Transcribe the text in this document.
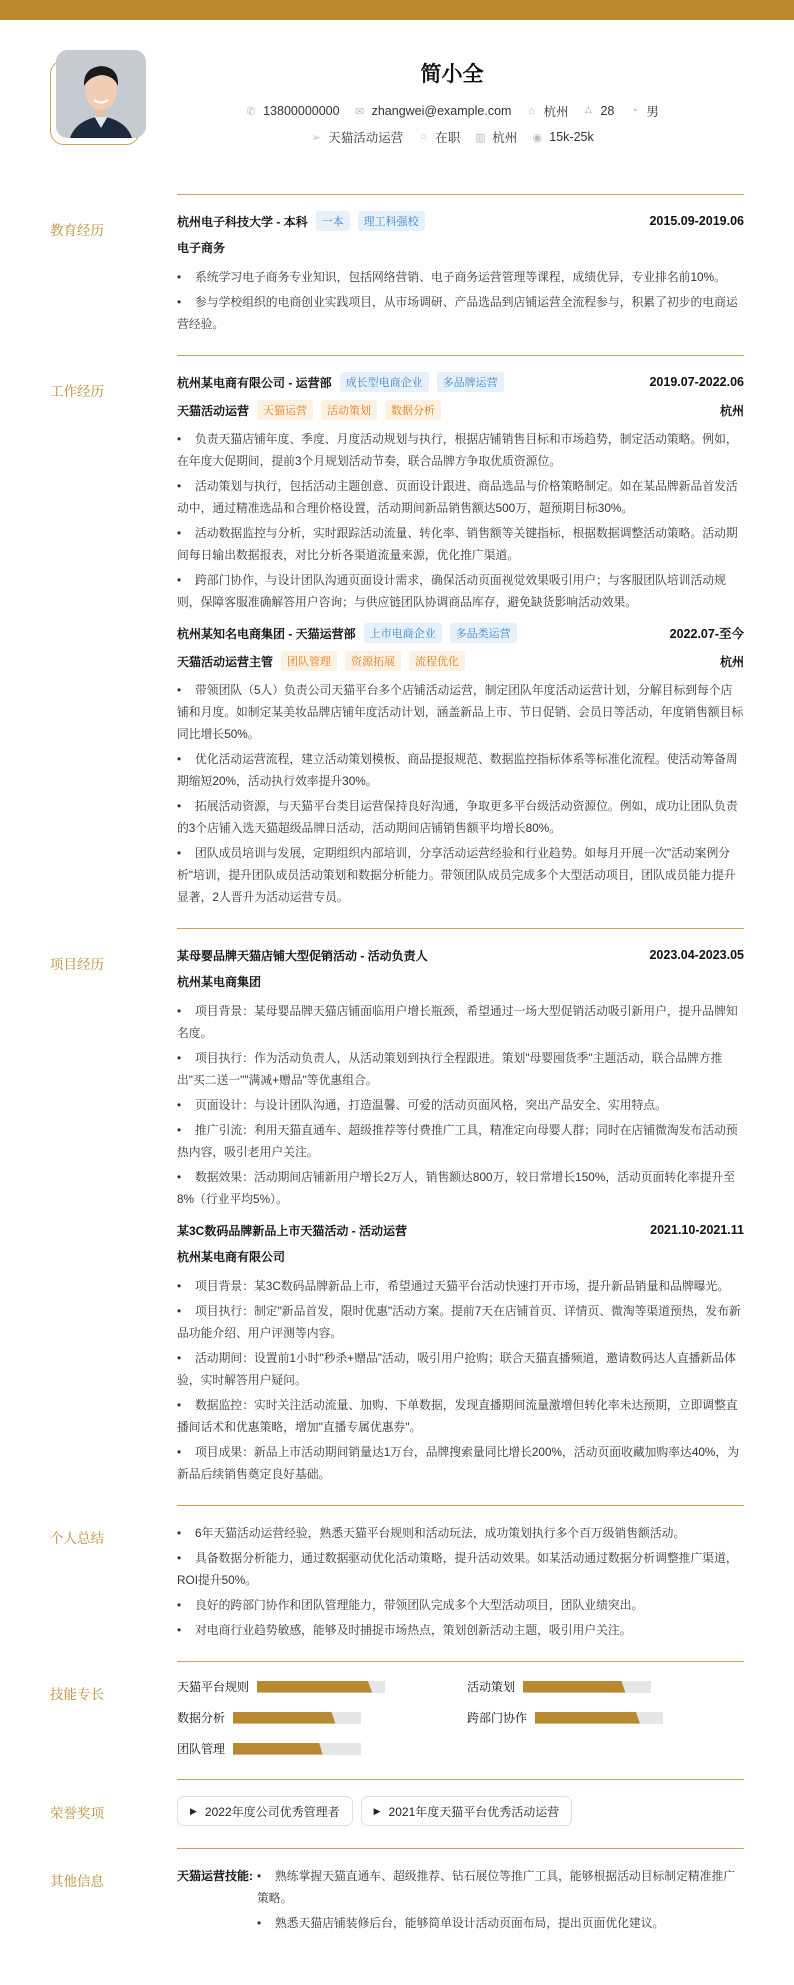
简小全
✆ 13800000000 ✉ zhangwei@example.com ⌂ 杭州 ⛼ 28 ◔ 男
➢ 天猫活动运营 ○ 在职 ▥ 杭州 ◉ 15k-25k
教育经历
杭州电子科技大学 - 本科	一本	理工科强校	2015.09-2019.06
电子商务
• 系统学习电子商务专业知识，包括网络营销、电子商务运营管理等课程，成绩优异，专业排名前10%。
• 参与学校组织的电商创业实践项目，从市场调研、产品选品到店铺运营全流程参与，积累了初步的电商运营经验。
工作经历
杭州某电商有限公司 - 运营部	成长型电商企业	多品牌运营	2019.07-2022.06
天猫活动运营	天猫运营	活动策划	数据分析	杭州
• 负责天猫店铺年度、季度、月度活动规划与执行，根据店铺销售目标和市场趋势，制定活动策略。例如，在年度大促期间，提前3个月规划活动节奏，联合品牌方争取优质资源位。
• 活动策划与执行，包括活动主题创意、页面设计跟进、商品选品与价格策略制定。如在某品牌新品首发活动中，通过精准选品和合理价格设置，活动期间新品销售额达500万，超预期目标30%。
• 活动数据监控与分析，实时跟踪活动流量、转化率、销售额等关键指标，根据数据调整活动策略。活动期间每日输出数据报表，对比分析各渠道流量来源，优化推广渠道。
• 跨部门协作，与设计团队沟通页面设计需求，确保活动页面视觉效果吸引用户；与客服团队培训活动规则，保障客服准确解答用户咨询；与供应链团队协调商品库存，避免缺货影响活动效果。
杭州某知名电商集团 - 天猫运营部	上市电商企业	多品类运营	2022.07-至今
天猫活动运营主管	团队管理	资源拓展	流程优化	杭州
• 带领团队（5人）负责公司天猫平台多个店铺活动运营，制定团队年度活动运营计划，分解目标到每个店铺和月度。如制定某美妆品牌店铺年度活动计划，涵盖新品上市、节日促销、会员日等活动，年度销售额目标同比增长50%。
• 优化活动运营流程，建立活动策划模板、商品提报规范、数据监控指标体系等标准化流程。使活动筹备周期缩短20%，活动执行效率提升30%。
• 拓展活动资源，与天猫平台类目运营保持良好沟通，争取更多平台级活动资源位。例如，成功让团队负责的3个店铺入选天猫超级品牌日活动，活动期间店铺销售额平均增长80%。
• 团队成员培训与发展，定期组织内部培训，分享活动运营经验和行业趋势。如每月开展一次"活动案例分析"培训，提升团队成员活动策划和数据分析能力。带领团队成员完成多个大型活动项目，团队成员能力提升显著，2人晋升为活动运营专员。
项目经历
某母婴品牌天猫店铺大型促销活动 - 活动负责人	2023.04-2023.05
杭州某电商集团
• 项目背景：某母婴品牌天猫店铺面临用户增长瓶颈，希望通过一场大型促销活动吸引新用户，提升品牌知名度。
• 项目执行：作为活动负责人，从活动策划到执行全程跟进。策划"母婴囤货季"主题活动，联合品牌方推出"买二送一""满减+赠品"等优惠组合。
• 页面设计：与设计团队沟通，打造温馨、可爱的活动页面风格，突出产品安全、实用特点。
• 推广引流：利用天猫直通车、超级推荐等付费推广工具，精准定向母婴人群；同时在店铺微淘发布活动预热内容，吸引老用户关注。
• 数据效果：活动期间店铺新用户增长2万人，销售额达800万，较日常增长150%，活动页面转化率提升至8%（行业平均5%）。
某3C数码品牌新品上市天猫活动 - 活动运营	2021.10-2021.11
杭州某电商有限公司
• 项目背景：某3C数码品牌新品上市，希望通过天猫平台活动快速打开市场，提升新品销量和品牌曝光。
• 项目执行：制定"新品首发，限时优惠"活动方案。提前7天在店铺首页、详情页、微淘等渠道预热，发布新品功能介绍、用户评测等内容。
• 活动期间：设置前1小时"秒杀+赠品"活动，吸引用户抢购；联合天猫直播频道，邀请数码达人直播新品体验，实时解答用户疑问。
• 数据监控：实时关注活动流量、加购、下单数据，发现直播期间流量激增但转化率未达预期，立即调整直播间话术和优惠策略，增加"直播专属优惠券"。
• 项目成果：新品上市活动期间销量达1万台，品牌搜索量同比增长200%，活动页面收藏加购率达40%，为新品后续销售奠定良好基础。
个人总结	• 6年天猫活动运营经验，熟悉天猫平台规则和活动玩法，成功策划执行多个百万级销售额活动。
• 具备数据分析能力，通过数据驱动优化活动策略，提升活动效果。如某活动通过数据分析调整推广渠道，ROI提升50%。
• 良好的跨部门协作和团队管理能力，带领团队完成多个大型活动项目，团队业绩突出。
• 对电商行业趋势敏感，能够及时捕捉市场热点，策划创新活动主题，吸引用户关注。
技能专长	天猫平台规则	活动策划
数据分析	跨部门协作
团队管理
荣誉奖项	▶ 2022年度公司优秀管理者	▶ 2021年度天猫平台优秀活动运营
其他信息	天猫运营技能:	• 熟练掌握天猫直通车、超级推荐、钻石展位等推广工具，能够根据活动目标制定精准推广策略。
• 熟悉天猫店铺装修后台，能够简单设计活动页面布局，提出页面优化建议。
